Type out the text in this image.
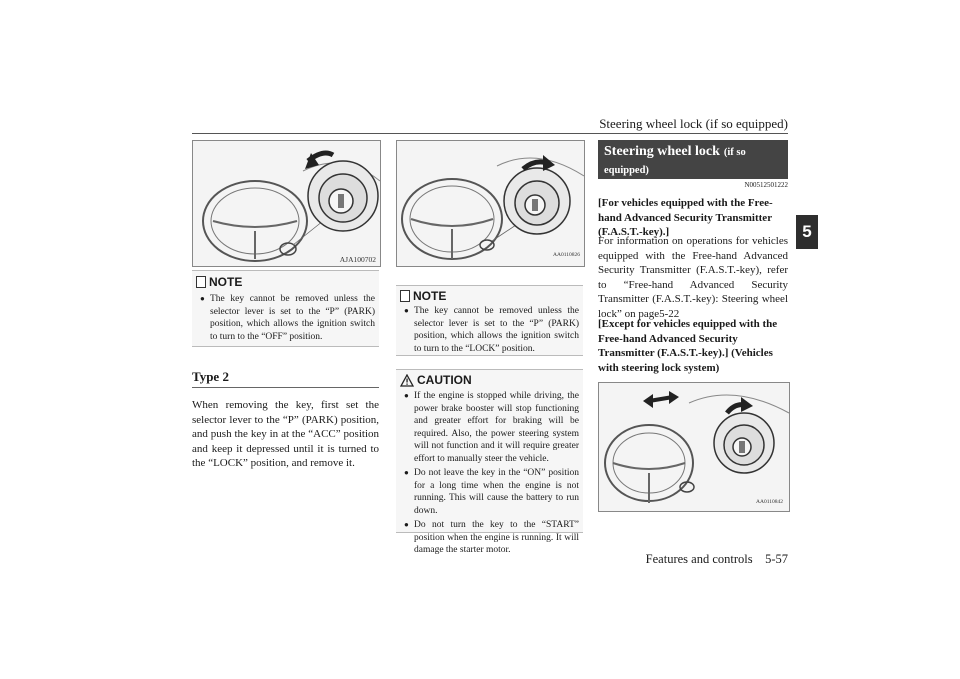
Steering wheel lock (if so equipped)
5
AJA100702
NOTE
● The key cannot be removed unless the selector lever is set to the “P” (PARK) position, which allows the ignition switch to turn to the “OFF” position.
Type 2
When removing the key, first set the selector lever to the “P” (PARK) position, and push the key in at the “ACC” position and keep it depressed until it is turned to the “LOCK” position, and remove it.
AA0110826
NOTE
● The key cannot be removed unless the selector lever is set to the “P” (PARK) position, which allows the ignition switch to turn to the “LOCK” position.
CAUTION
● If the engine is stopped while driving, the power brake booster will stop functioning and greater effort for braking will be required. Also, the power steering system will not function and it will require greater effort to manually steer the vehicle.
● Do not leave the key in the “ON” position for a long time when the engine is not running. This will cause the battery to run down.
● Do not turn the key to the “START” position when the engine is running. It will damage the starter motor.
Steering wheel lock (if so equipped)
N00512501222
[For vehicles equipped with the Free-hand Advanced Security Transmitter (F.A.S.T.-key).]
For information on operations for vehicles equipped with the Free-hand Advanced Security Transmitter (F.A.S.T.-key), refer to “Free-hand Advanced Security Transmitter (F.A.S.T.-key): Steering wheel lock” on page5-22
[Except for vehicles equipped with the Free-hand Advanced Security Transmitter (F.A.S.T.-key).] (Vehicles with steering lock system)
AA0110842
Features and controls    5-57
